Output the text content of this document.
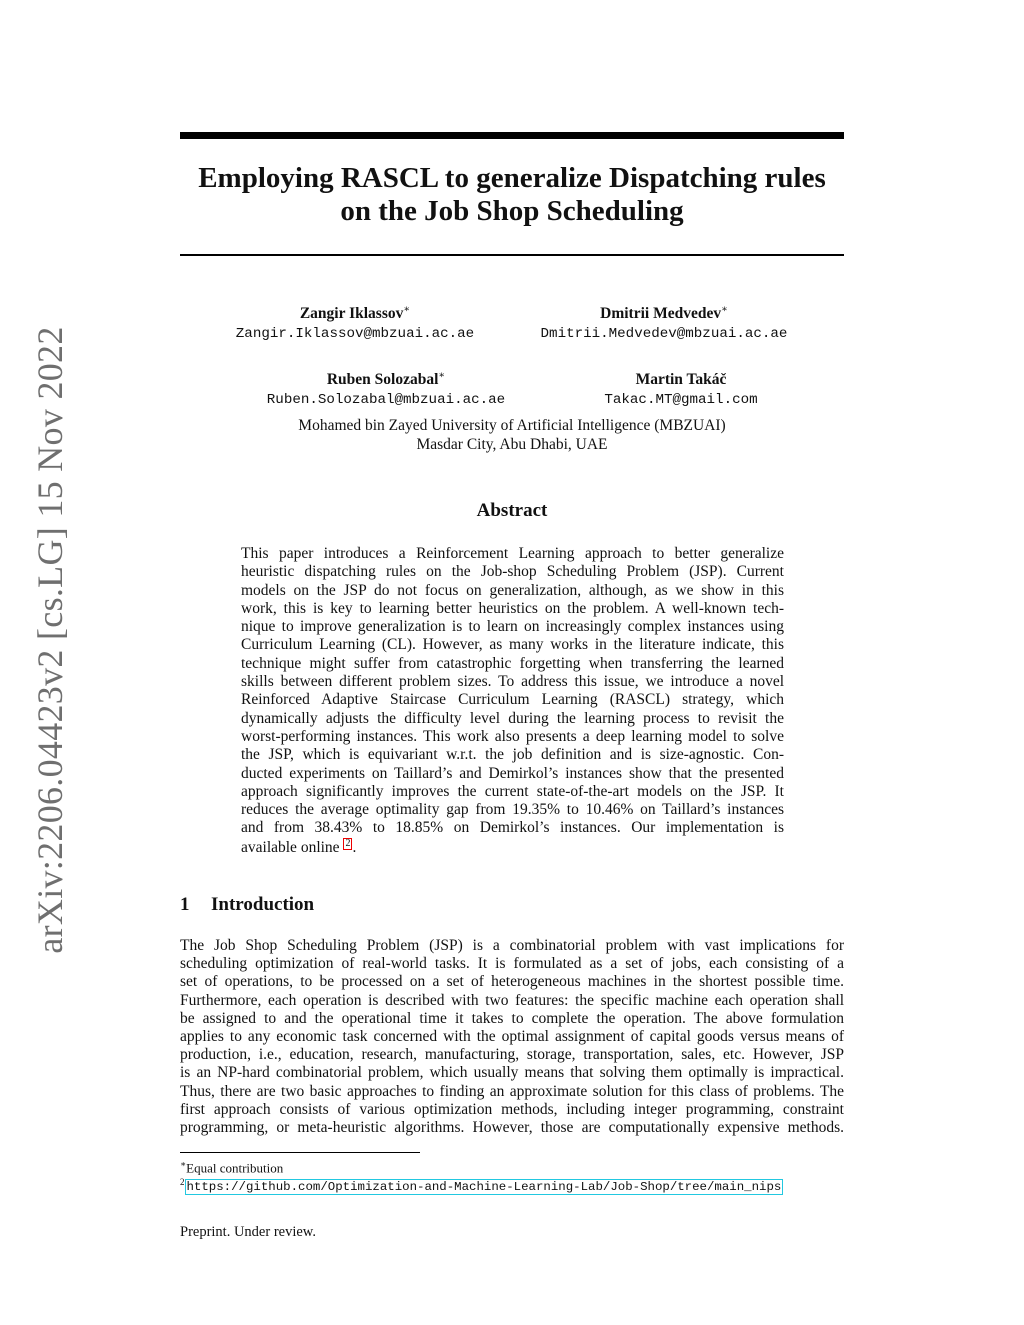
arXiv:2206.04423v2 [cs.LG] 15 Nov 2022
Employing RASCL to generalize Dispatching rules on the Job Shop Scheduling
Zangir Iklassov∗
Zangir.Iklassov@mbzuai.ac.ae
Dmitrii Medvedev∗
Dmitrii.Medvedev@mbzuai.ac.ae
Ruben Solozabal∗
Ruben.Solozabal@mbzuai.ac.ae
Martin Takáč
Takac.MT@gmail.com
Mohamed bin Zayed University of Artificial Intelligence (MBZUAI)
Masdar City, Abu Dhabi, UAE
Abstract
This paper introduces a Reinforcement Learning approach to better generalize
heuristic dispatching rules on the Job-shop Scheduling Problem (JSP). Current
models on the JSP do not focus on generalization, although, as we show in this
work, this is key to learning better heuristics on the problem. A well-known tech-
nique to improve generalization is to learn on increasingly complex instances using
Curriculum Learning (CL). However, as many works in the literature indicate, this
technique might suffer from catastrophic forgetting when transferring the learned
skills between different problem sizes. To address this issue, we introduce a novel
Reinforced Adaptive Staircase Curriculum Learning (RASCL) strategy, which
dynamically adjusts the difficulty level during the learning process to revisit the
worst-performing instances. This work also presents a deep learning model to solve
the JSP, which is equivariant w.r.t. the job definition and is size-agnostic. Con-
ducted experiments on Taillard’s and Demirkol’s instances show that the presented
approach significantly improves the current state-of-the-art models on the JSP. It
reduces the average optimality gap from 19.35% to 10.46% on Taillard’s instances
and from 38.43% to 18.85% on Demirkol’s instances. Our implementation is
available online 2 .
1 Introduction
The Job Shop Scheduling Problem (JSP) is a combinatorial problem with vast implications for
scheduling optimization of real-world tasks. It is formulated as a set of jobs, each consisting of a
set of operations, to be processed on a set of heterogeneous machines in the shortest possible time.
Furthermore, each operation is described with two features: the specific machine each operation shall
be assigned to and the operational time it takes to complete the operation. The above formulation
applies to any economic task concerned with the optimal assignment of capital goods versus means of
production, i.e., education, research, manufacturing, storage, transportation, sales, etc. However, JSP
is an NP-hard combinatorial problem, which usually means that solving them optimally is impractical.
Thus, there are two basic approaches to finding an approximate solution for this class of problems. The
first approach consists of various optimization methods, including integer programming, constraint
programming, or meta-heuristic algorithms. However, those are computationally expensive methods.
∗Equal contribution
$^2$ https://github.com/Optimization-and-Machine-Learning-Lab/Job-Shop/tree/main_nips
Preprint. Under review.
